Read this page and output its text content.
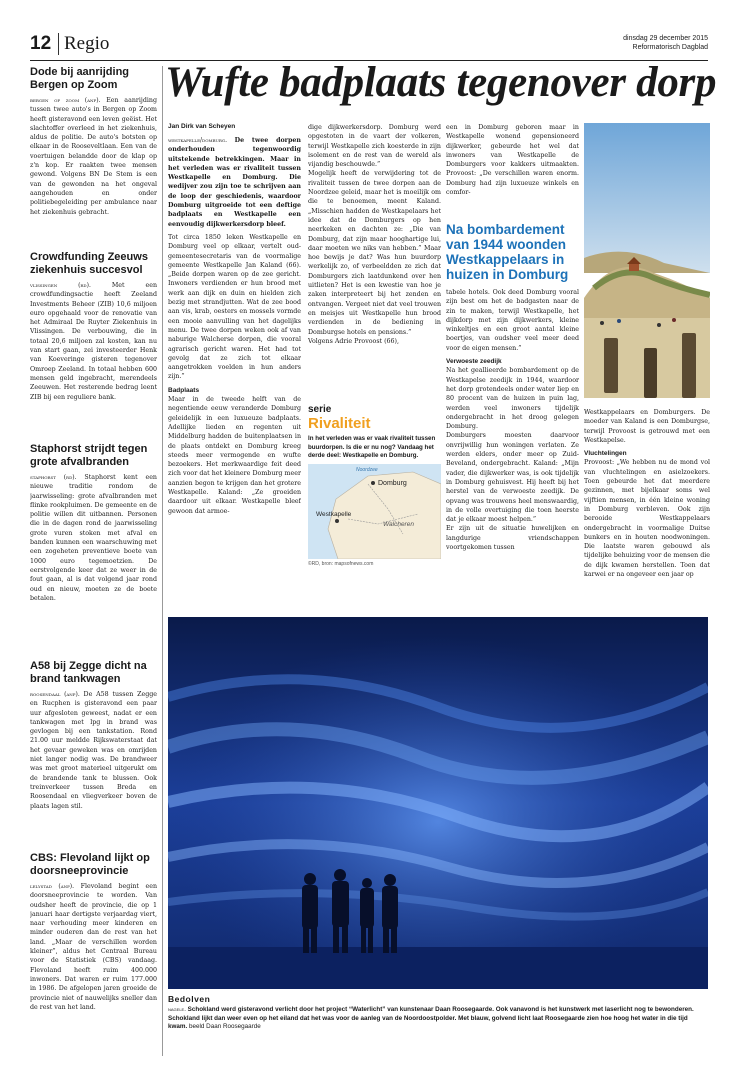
12 Regio	dinsdag 29 december 2015
Reformatorisch Dagblad
Dode bij aanrijding Bergen op Zoom
bergen op zoom (anp). Een aanrijding tussen twee auto's in Bergen op Zoom heeft gisteravond een leven geëist. Het slachtoffer overleed in het ziekenhuis, aldus de politie. De auto's botsten op elkaar in de Rooseveltlaan. Een van de voertuigen belandde door de klap op z'n kop. Er raakten twee mensen gewond. Volgens BN De Stem is een van de gewonden na het ongeval aangehouden en onder politiebegeleiding per ambulance naar het ziekenhuis gebracht.
Crowdfunding Zeeuws ziekenhuis succesvol
vlissingen (rd).	Met een crowdfundingsactie heeft Zeeland Investments Beheer (ZIB) 10,6 miljoen euro opgehaald voor de renovatie van het Admiraal De Ruyter Ziekenhuis in Vlissingen. De verbouwing, die in totaal 20,6 miljoen zal kosten, kan nu van start gaan, zei investeerder Henk van Koeveringe gisteren tegenover Omroep Zeeland. In totaal hebben 600 mensen geld ingebracht, merendeels Zeeuwen. Het resterende bedrag leent ZIB bij een reguliere bank.
Staphorst strijdt tegen grote afvalbranden
staphorst (rd). Staphorst kent een nieuwe traditie rondom de jaarwisseling: grote afvalbranden met flinke rookpluimen. De gemeente en de politie willen dit uitbannen. Personen die in de dagen rond de jaarwisseling grote vuren stoken met afval en banden kunnen een waarschuwing met een zogeheten preventieve boete van 1000 euro tegemoetzien. De eerstvolgende keer dat ze weer in de fout gaan, al is dat volgend jaar rond oud en nieuw, moeten ze de boete betalen.
A58 bij Zegge dicht na brand tankwagen
roosendaal (anp). De A58 tussen Zegge en Rucphen is gisteravond een paar uur afgesloten geweest, nadat er een tankwagen met lpg in brand was gevlogen bij een tankstation. Rond 21.00 uur meldde Rijkswaterstaat dat het gevaar geweken was en omrijden niet langer nodig was. De brandweer was met groot materieel uitgerukt om de brandende tank te blussen. Ook treinverkeer tussen Breda en Roosendaal en vliegverkeer boven de plaats lagen stil.
CBS: Flevoland lijkt op doorsneeprovincie
lelystad (anp). Flevoland begint een doorsneeprovincie te worden. Van oudsher heeft de provincie, die op 1 januari haar dertigste verjaardag viert, naar verhouding meer kinderen en minder ouderen dan de rest van het land. „Maar de verschillen worden kleiner”, aldus het Centraal Bureau voor de Statistiek (CBS) vandaag. Flevoland heeft ruim 400.000 inwoners. Dat waren er ruim 177.000 in 1986. De afgelopen jaren groeide de provincie niet of nauwelijks sneller dan de rest van het land.
Wufte badplaats tegenover dorp
Jan Dirk van Scheyen

westkapelle/domburg. De twee dorpen onderhouden tegenwoordig uitstekende betrekkingen. Maar in het verleden was er rivaliteit tussen Westkapelle en Domburg. Die wedijver zou zijn toe te schrijven aan de loop der geschiedenis, waardoor Domburg uitgroeide tot een deftige badplaats en Westkapelle een eenvoudig dijkwerkersdorp bleef.

Tot circa 1850 leken Westkapelle en Domburg veel op elkaar, vertelt oud-gemeentesecretaris van de voormalige gemeente Westkapelle Jan Kaland (66). „Beide dorpen waren op de zee gericht. Inwoners verdienden er hun brood met werk aan dijk en duin en hielden zich bezig met strandjutten. Wat de zee bood aan vis, krab, oesters en mossels vormde een mooie aanvulling van het dagelijks menu. De twee dorpen weken ook af van naburige Walcherse dorpen, die vooral agrarisch gericht waren. Het had tot gevolg dat ze zich tot elkaar aangetrokken voelden in hun anders zijn.”

Badplaats

Maar in de tweede helft van de negentiende eeuw veranderde Domburg geleidelijk in een luxueuze badplaats. Adellijke lieden en regenten uit Middelburg hadden de buitenplaatsen in de plaats ontdekt en Domburg kreeg steeds meer vermogende en wufte bezoekers. Het merkwaardige feit deed zich voor dat het kleinere Domburg meer aanzien begon te krijgen dan het grotere Westkapelle. Kaland: „Ze groeiden daardoor uit elkaar. Westkapelle bleef gewoon dat armoe-

dige dijkwerkersdorp. Domburg werd opgestoten in de vaart der volkeren, terwijl Westkapelle zich koesterde in zijn isolement en de rest van de wereld als vijandig beschouwde.”

Mogelijk heeft de verwijdering tot de rivaliteit tussen de twee dorpen aan de Noordzee geleid, maar het is moeilijk om die te benoemen, meent Kaland. „Misschien hadden de Westkapelaars het idee dat de Domburgers op hen neerkeken en dachten ze: „Die van Domburg, dat zijn maar hooghartige lui, daar moeten we niks van hebben.” Maar hoe bewijs je dat? Was hun buurdorp werkelijk zo, of verbeeldden ze zich dat Domburgers zich laatdunkend over hen uitlieten? Het is een kwestie van hoe je zaken interpreteert bij het zenden en ontvangen. Vergeet niet dat veel trouwen en meisjes uit Westkapelle hun brood verdienden in de bediening in Domburgse hotels en pensions.”

Volgens Adrie Provoost (66),

serie
Rivaliteit
In het verleden was er vaak rivaliteit tussen buurdorpen. Is die er nu nog? Vandaag het derde deel: Westkapelle en Domburg.
Domburg
Westkapelle
Walcheren
Noordzee
©RD, bron: mapsofnews.com

een in Domburg geboren maar in Westkapelle wonend gepensioneerd dijkwerker, gebeurde het wel dat inwoners van Westkapelle de Domburgers voor kakkers uitmaakten. Provoost: „De verschillen waren enorm. Domburg had zijn luxueuze winkels en comfor-

Na bombardement van 1944 woonden Westkappelaars in huizen in Domburg

tabele hotels. Ook deed Domburg vooral zijn best om het de badgasten naar de zin te maken, terwijl Westkapelle, het dijkdorp met zijn dijkwerkers, kleine winkeltjes en een groot aantal kleine boertjes, van oudsher veel meer deed voor de eigen mensen.”

Verwoeste zeedijk

Na het geallieerde bombardement op de Westkapelse zeedijk in 1944, waardoor het dorp grotendeels onder water liep en 80 procent van de huizen in puin lag, werden veel inwoners tijdelijk ondergebracht in het droog gelegen Domburg.

Domburgers moesten daarvoor onvrijwillig hun woningen verlaten. Ze werden elders, onder meer op Zuid-Beveland, ondergebracht. Kaland: „Mijn vader, die dijkwerker was, is ook tijdelijk in Domburg gehuisvest. Hij heeft bij het herstel van de verwoeste zeedijk. De opvang was trouwens heel menswaardig, in de volle overtuiging die toen heerste dat je elkaar moest helpen.”

Er zijn uit de situatie huwelijken en langdurige vriendschappen voortgekomen tussen

Westkappelaars en Domburgers. De moeder van Kaland is een Domburgse, terwijl Provoost is getrouwd met een Westkapelse.

Vluchtelingen

Provoost: „We hebben nu de mond vol van vluchtelingen en asielzoekers. Toen gebeurde het dat meerdere gezinnen, met bijelkaar soms wel vijftien mensen, in één kleine woning in Domburg verbleven. Ook zijn berooide Westkappelaars ondergebracht in voormalige Duitse bunkers en in houten noodwoningen. Die laatste waren gebouwd als tijdelijke behuizing voor de mensen die de dijk kwamen herstellen. Toen dat karwei er na ongeveer een jaar op

Bedolven
nagele. Schokland werd gisteravond verlicht door het project “Waterlicht” van kunstenaar Daan Roosegaarde. Ook vanavond is het kunstwerk met laserlicht nog te bewonderen. Schokland lijkt dan weer even op het eiland dat het was voor de aanleg van de Noordoostpolder. Met blauw, golvend licht laat Roosegaarde zien hoe hoog het water in die tijd kwam. beeld Daan Roosegaarde
